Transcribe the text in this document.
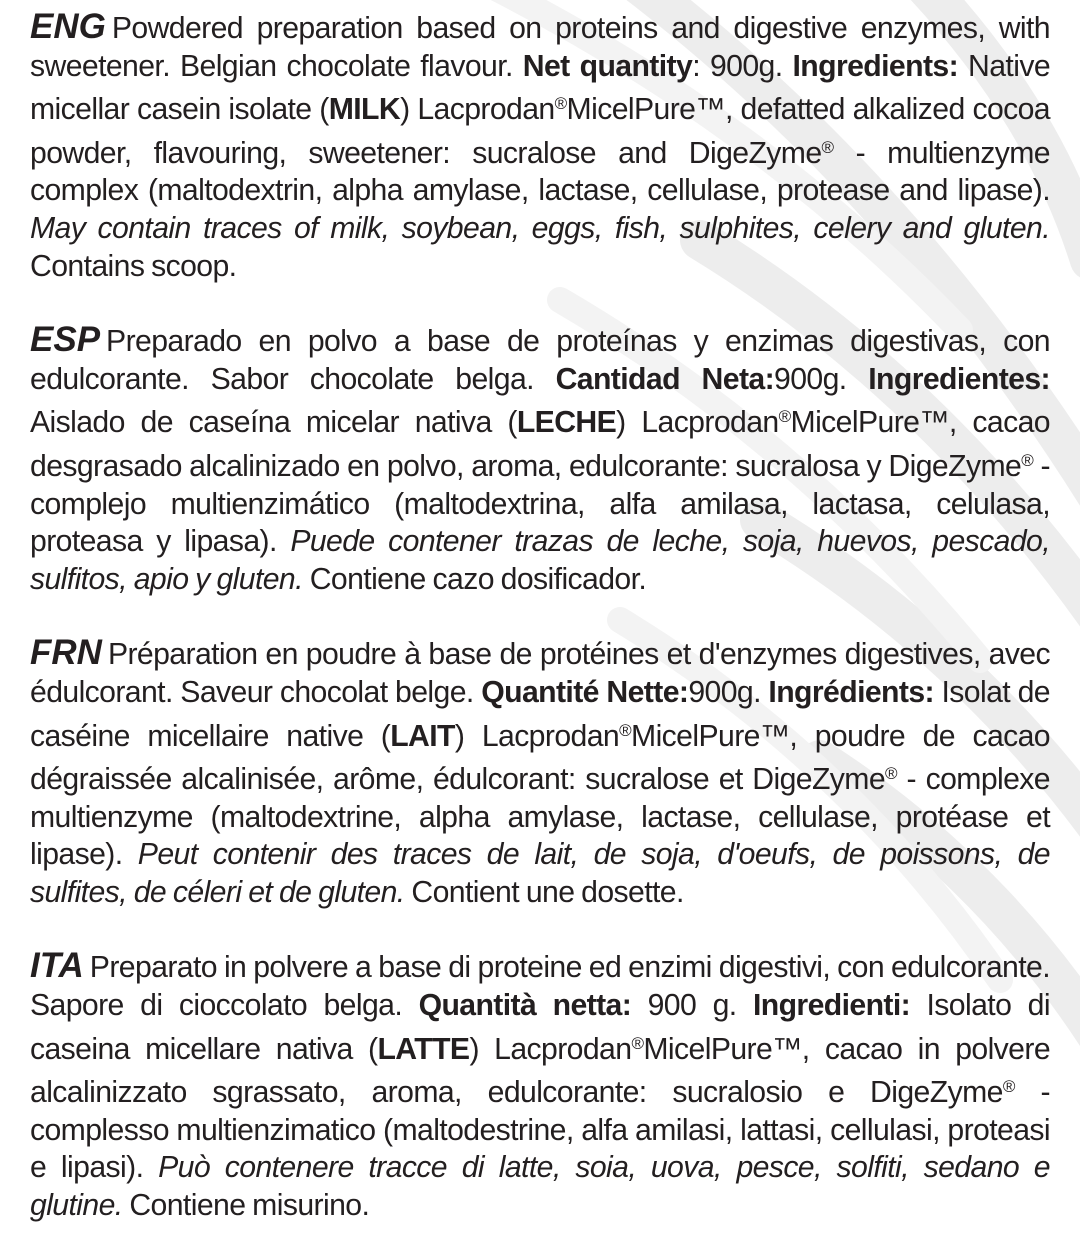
ENG Powdered preparation based on proteins and digestive enzymes, with sweetener. Belgian chocolate flavour. Net quantity: 900g. Ingredients: Native micellar casein isolate (MILK) Lacprodan®MicelPure™, defatted alkalized cocoa powder, flavouring, sweetener: sucralose and DigeZyme® - multienzyme complex (maltodextrin, alpha amylase, lactase, cellulase, protease and lipase). May contain traces of milk, soybean, eggs, fish, sulphites, celery and gluten. Contains scoop.

ESP Preparado en polvo a base de proteínas y enzimas digestivas, con edulcorante. Sabor chocolate belga. Cantidad Neta:900g. Ingredientes: Aislado de caseína micelar nativa (LECHE) Lacprodan®MicelPure™, cacao desgrasado alcalinizado en polvo, aroma, edulcorante: sucralosa y DigeZyme® - complejo multienzimático (maltodextrina, alfa amilasa, lactasa, celulasa, proteasa y lipasa). Puede contener trazas de leche, soja, huevos, pescado, sulfitos, apio y gluten. Contiene cazo dosificador.

FRN Préparation en poudre à base de protéines et d'enzymes digestives, avec édulcorant. Saveur chocolat belge. Quantité Nette:900g. Ingrédients: Isolat de caséine micellaire native (LAIT) Lacprodan®MicelPure™, poudre de cacao dégraissée alcalinisée, arôme, édulcorant: sucralose et DigeZyme® - complexe multienzyme (maltodextrine, alpha amylase, lactase, cellulase, protéase et lipase). Peut contenir des traces de lait, de soja, d'oeufs, de poissons, de sulfites, de céleri et de gluten. Contient une dosette.

ITA Preparato in polvere a base di proteine ed enzimi digestivi, con edulcorante. Sapore di cioccolato belga. Quantità netta: 900 g. Ingredienti: Isolato di caseina micellare nativa (LATTE) Lacprodan®MicelPure™, cacao in polvere alcalinizzato sgrassato, aroma, edulcorante: sucralosio e DigeZyme® - complesso multienzimatico (maltodestrine, alfa amilasi, lattasi, cellulasi, proteasi e lipasi). Può contenere tracce di latte, soia, uova, pesce, solfiti, sedano e glutine. Contiene misurino.
